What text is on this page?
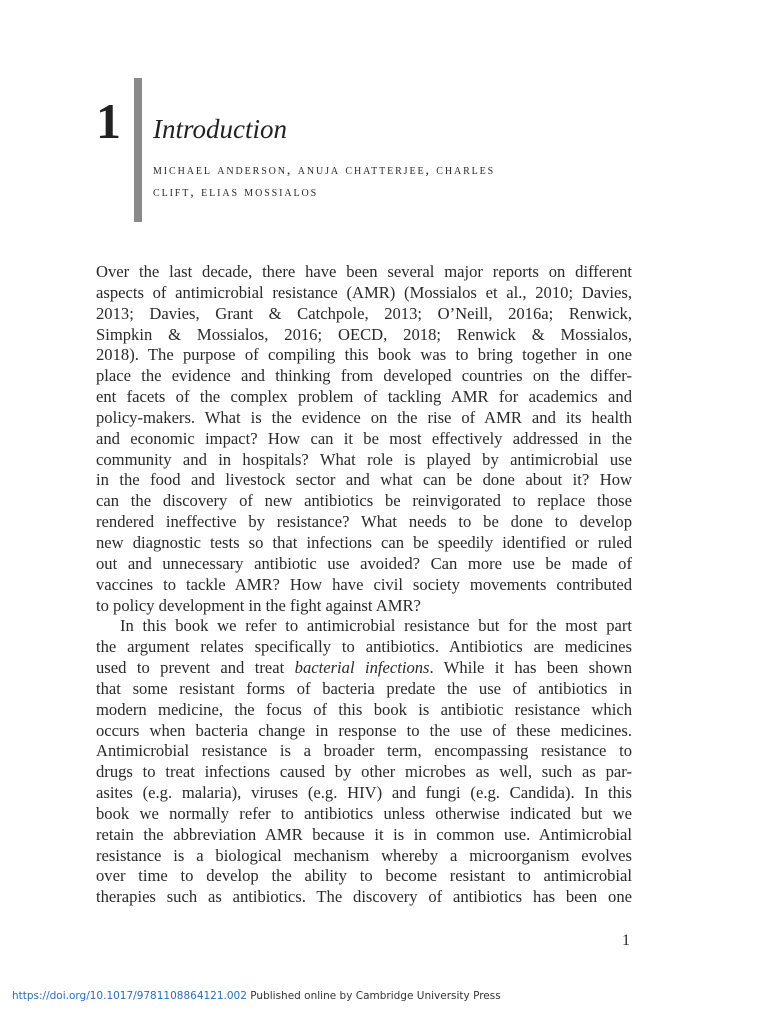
1 Introduction
michael anderson, anuja chatterjee, charles
clift, elias mossialos
Over the last decade, there have been several major reports on different
aspects of antimicrobial resistance (AMR) (Mossialos et al., 2010; Davies,
2013; Davies, Grant & Catchpole, 2013; O’Neill, 2016a; Renwick,
Simpkin & Mossialos, 2016; OECD, 2018; Renwick & Mossialos,
2018). The purpose of compiling this book was to bring together in one
place the evidence and thinking from developed countries on the differ-
ent facets of the complex problem of tackling AMR for academics and
policy-makers. What is the evidence on the rise of AMR and its health
and economic impact? How can it be most effectively addressed in the
community and in hospitals? What role is played by antimicrobial use
in the food and livestock sector and what can be done about it? How
can the discovery of new antibiotics be reinvigorated to replace those
rendered ineffective by resistance? What needs to be done to develop
new diagnostic tests so that infections can be speedily identified or ruled
out and unnecessary antibiotic use avoided? Can more use be made of
vaccines to tackle AMR? How have civil society movements contributed
to policy development in the fight against AMR?
In this book we refer to antimicrobial resistance but for the most part
the argument relates specifically to antibiotics. Antibiotics are medicines
used to prevent and treat bacterial infections. While it has been shown
that some resistant forms of bacteria predate the use of antibiotics in
modern medicine, the focus of this book is antibiotic resistance which
occurs when bacteria change in response to the use of these medicines.
Antimicrobial resistance is a broader term, encompassing resistance to
drugs to treat infections caused by other microbes as well, such as par-
asites (e.g. malaria), viruses (e.g. HIV) and fungi (e.g. Candida). In this
book we normally refer to antibiotics unless otherwise indicated but we
retain the abbreviation AMR because it is in common use. Antimicrobial
resistance is a biological mechanism whereby a microorganism evolves
over time to develop the ability to become resistant to antimicrobial
therapies such as antibiotics. The discovery of antibiotics has been one
1
https://doi.org/10.1017/9781108864121.002 Published online by Cambridge University Press
